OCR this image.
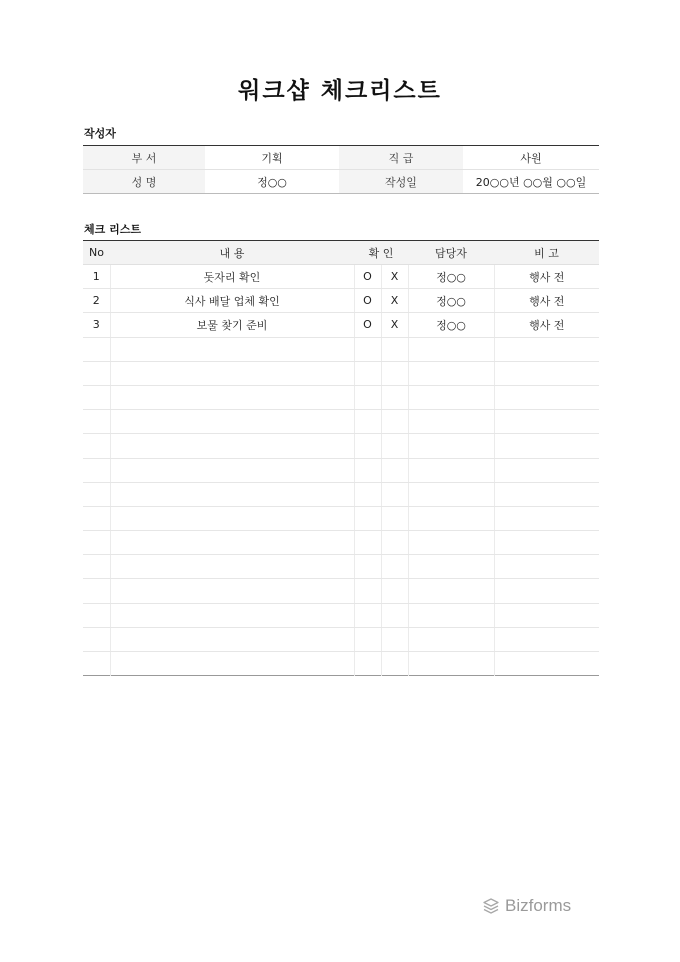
워크샵 체크리스트
작성자
부 서	기획	직 급	사원
성 명	정○○	작성일	20○○년 ○○월 ○○일
체크 리스트
No	내 용	확 인		담당자	비 고
1	돗자리 확인	O	X	정○○	행사 전
2	식사 배달 업체 확인	O	X	정○○	행사 전
3	보물 찾기 준비	O	X	정○○	행사 전

Bizforms
